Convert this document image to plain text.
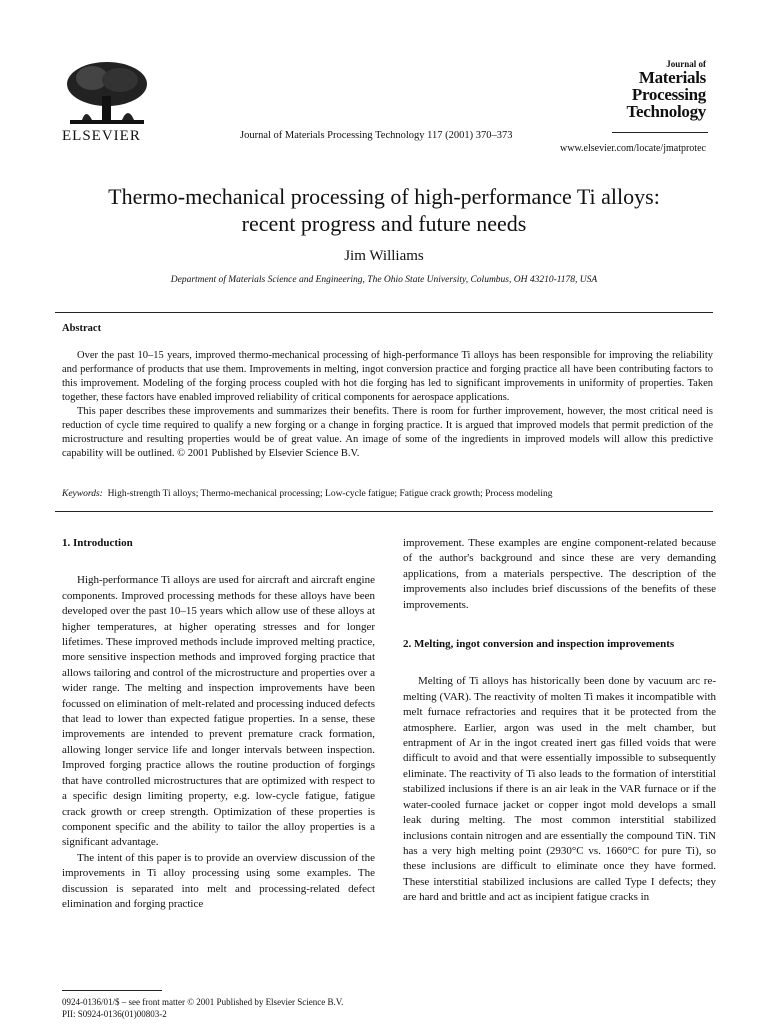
ELSEVIER	Journal of Materials Processing Technology 117 (2001) 370–373
Journal of
Materials
Processing
Technology
www.elsevier.com/locate/jmatprotec
Thermo-mechanical processing of high-performance Ti alloys:
recent progress and future needs
Jim Williams
Department of Materials Science and Engineering, The Ohio State University, Columbus, OH 43210-1178, USA
Abstract

Over the past 10–15 years, improved thermo-mechanical processing of high-performance Ti alloys has been responsible for improving the reliability and performance of products that use them. Improvements in melting, ingot conversion practice and forging practice all have been contributing factors to this improvement. Modeling of the forging process coupled with hot die forging has led to significant improvements in uniformity of properties. Taken together, these factors have enabled improved reliability of critical components for aerospace applications.

This paper describes these improvements and summarizes their benefits. There is room for further improvement, however, the most critical need is reduction of cycle time required to qualify a new forging or a change in forging practice. It is argued that improved models that permit prediction of the microstructure and resulting properties would be of great value. An image of some of the ingredients in improved models will allow this predictive capability will be outlined. © 2001 Published by Elsevier Science B.V.

Keywords: High-strength Ti alloys; Thermo-mechanical processing; Low-cycle fatigue; Fatigue crack growth; Process modeling
1. Introduction

High-performance Ti alloys are used for aircraft and aircraft engine components. Improved processing methods for these alloys have been developed over the past 10–15 years which allow use of these alloys at higher temperatures, at higher operating stresses and for longer lifetimes. These improved methods include improved melting practice, more sensitive inspection methods and improved forging practice that allows tailoring and control of the microstructure and properties over a wider range. The melting and inspection improvements have been focussed on elimination of melt-related and processing induced defects that lead to lower than expected fatigue properties. In a sense, these improvements are intended to prevent premature crack formation, allowing longer service life and longer intervals between inspection. Improved forging practice allows the routine production of forgings that have controlled microstructures that are optimized with respect to a specific design limiting property, e.g. low-cycle fatigue, fatigue crack growth or creep strength. Optimization of these properties is component specific and the ability to tailor the alloy properties is a significant advantage.

The intent of this paper is to provide an overview discussion of the improvements in Ti alloy processing using some examples. The discussion is separated into melt and processing-related defect elimination and forging practice

improvement. These examples are engine component-related because of the author's background and since these are very demanding applications, from a materials perspective. The description of the improvements also includes brief discussions of the benefits of these improvements.

2. Melting, ingot conversion and inspection improvements

Melting of Ti alloys has historically been done by vacuum arc re-melting (VAR). The reactivity of molten Ti makes it incompatible with melt furnace refractories and requires that it be protected from the atmosphere. Earlier, argon was used in the melt chamber, but entrapment of Ar in the ingot created inert gas filled voids that were difficult to avoid and that were essentially impossible to subsequently eliminate. The reactivity of Ti also leads to the formation of interstitial stabilized inclusions if there is an air leak in the VAR furnace or if the water-cooled furnace jacket or copper ingot mold develops a small leak during melting. The most common interstitial stabilized inclusions contain nitrogen and are essentially the compound TiN. TiN has a very high melting point (2930°C vs. 1660°C for pure Ti), so these inclusions are difficult to eliminate once they have formed. These interstitial stabilized inclusions are called Type I defects; they are hard and brittle and act as incipient fatigue cracks in

0924-0136/01/$ – see front matter © 2001 Published by Elsevier Science B.V.
PII: S0924-0136(01)00803-2
